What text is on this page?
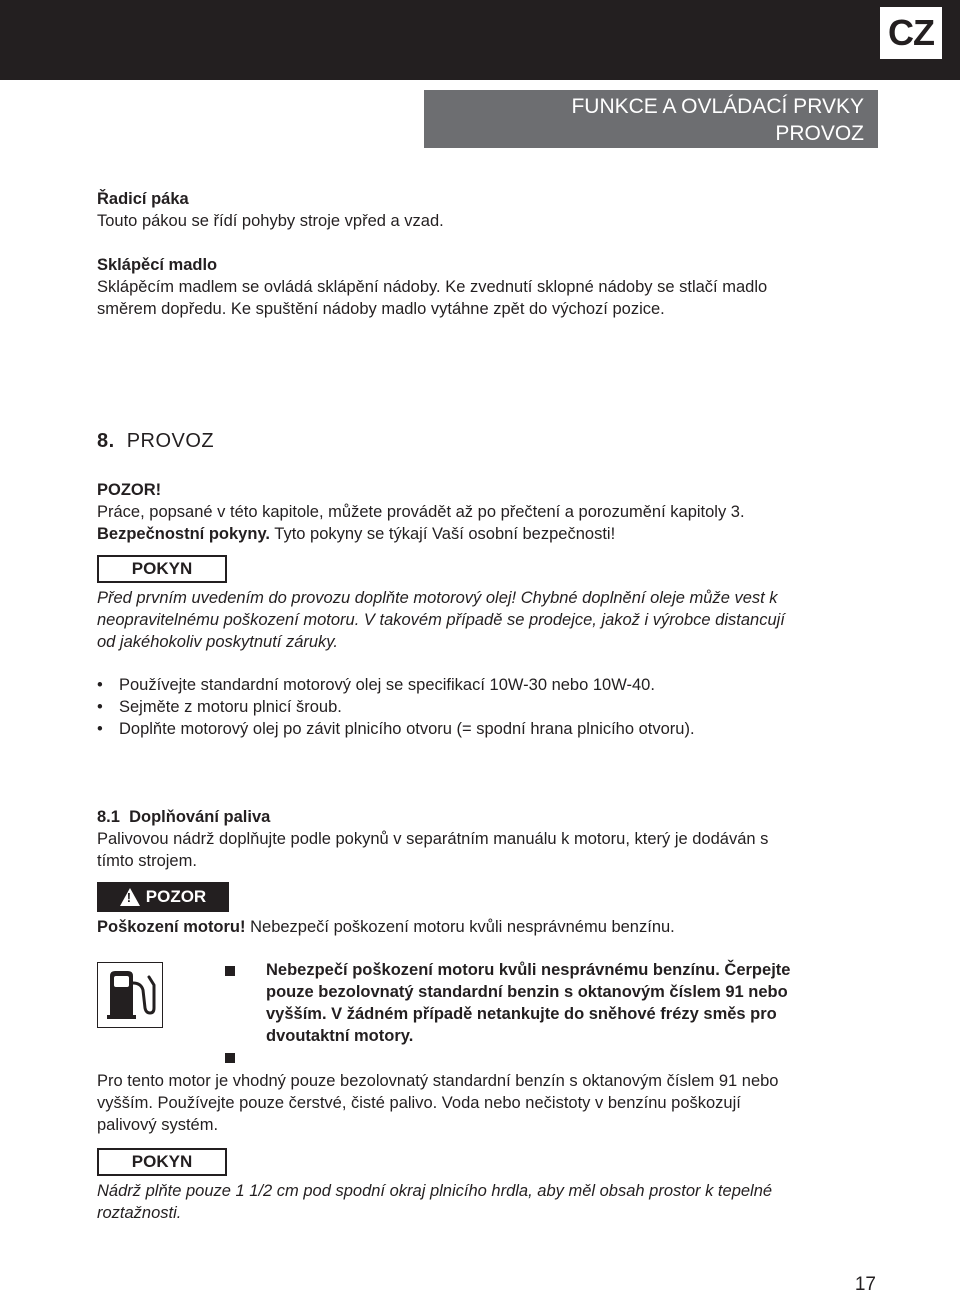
CZ
FUNKCE A OVLÁDACÍ PRVKY
PROVOZ

Řadicí páka

Touto pákou se řídí pohyby stroje vpřed a vzad.

Sklápěcí madlo

Sklápěcím madlem se ovládá sklápění nádoby. Ke zvednutí sklopné nádoby se stlačí madlo

směrem dopředu. Ke spuštění nádoby madlo vytáhne zpět do výchozí pozice.

8. PROVOZ

POZOR!

Práce, popsané v této kapitole, můžete provádět až po přečtení a porozumění kapitoly 3.

Bezpečnostní pokyny. Tyto pokyny se týkají Vaší osobní bezpečnosti!

POKYN

Před prvním uvedením do provozu doplňte motorový olej! Chybné doplnění oleje může vest k

neopravitelnému poškození motoru. V takovém případě se prodejce, jakož i výrobce distancují

od jakéhokoliv poskytnutí záruky.

• Používejte standardní motorový olej se specifikací 10W-30 nebo 10W-40.
• Sejměte z motoru plnicí šroub.
• Doplňte motorový olej po závit plnicího otvoru (= spodní hrana plnicího otvoru).

8.1 Doplňování paliva

Palivovou nádrž doplňujte podle pokynů v separátním manuálu k motoru, který je dodáván s

tímto strojem.

!
POZOR

Poškození motoru! Nebezpečí poškození motoru kvůli nesprávnému benzínu.

Nebezpečí poškození motoru kvůli nesprávnému benzínu. Čerpejte
pouze bezolovnatý standardní benzin s oktanovým číslem 91 nebo
vyšším. V žádném případě netankujte do sněhové frézy směs pro
dvoutaktní motory.

Pro tento motor je vhodný pouze bezolovnatý standardní benzín s oktanovým číslem 91 nebo

vyšším. Používejte pouze čerstvé, čisté palivo. Voda nebo nečistoty v benzínu poškozují

palivový systém.

POKYN

Nádrž plňte pouze 1 1/2 cm pod spodní okraj plnicího hrdla, aby měl obsah prostor k tepelné

roztažnosti.

17
